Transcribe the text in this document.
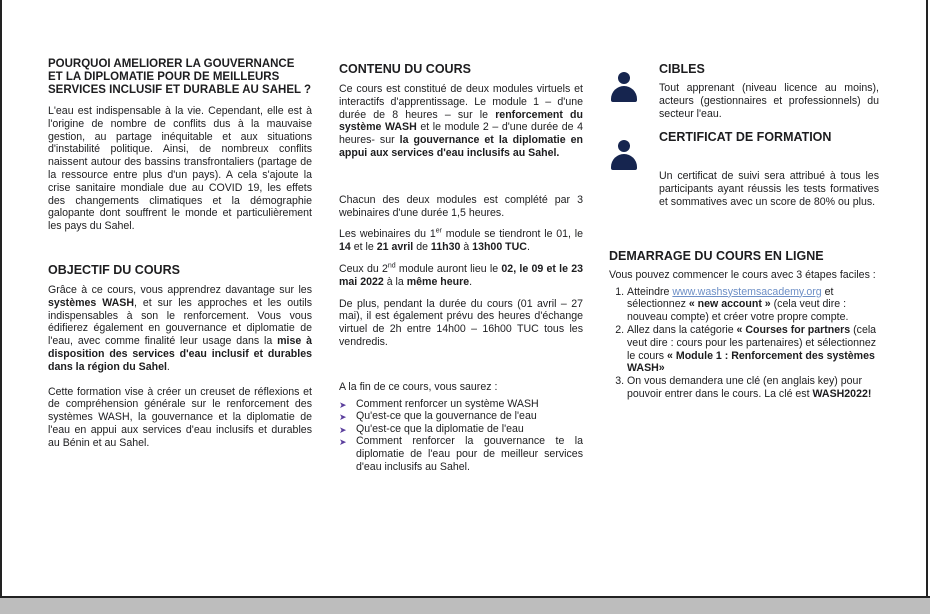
POURQUOI AMELIORER LA GOUVERNANCE ET LA DIPLOMATIE POUR DE MEILLEURS SERVICES INCLUSIF ET DURABLE AU SAHEL ?

L'eau est indispensable à la vie. Cependant, elle est à l'origine de nombre de conflits dus à la mauvaise gestion, au partage inéquitable et aux situations d'instabilité politique. Ainsi, de nombreux conflits naissent autour des bassins transfrontaliers (partage de la ressource entre plus d'un pays). A cela s'ajoute la crise sanitaire mondiale due au COVID 19, les effets des changements climatiques et la démographie galopante dont souffrent le monde et particulièrement les pays du Sahel.

OBJECTIF DU COURS

Grâce à ce cours, vous apprendrez davantage sur les systèmes WASH, et sur les approches et les outils indispensables à son le renforcement. Vous vous édifierez également en gouvernance et diplomatie de l'eau, avec comme finalité leur usage dans la mise à disposition des services d'eau inclusif et durables dans la région du Sahel.

Cette formation vise à créer un creuset de réflexions et de compréhension générale sur le renforcement des systèmes WASH, la gouvernance et la diplomatie de l'eau en appui aux services d'eau inclusifs et durables au Bénin et au Sahel.

CONTENU DU COURS

Ce cours est constitué de deux modules virtuels et interactifs d'apprentissage. Le module 1 – d'une durée de 8 heures – sur le renforcement du système WASH et le module 2 – d'une durée de 4 heures- sur la gouvernance et la diplomatie en appui aux services d'eau inclusifs au Sahel.

Chacun des deux modules est complété par 3 webinaires d'une durée 1,5 heures.

Les webinaires du 1er module se tiendront le 01, le 14 et le 21 avril de 11h30 à 13h00 TUC.

Ceux du 2nd module auront lieu le 02, le 09 et le 23 mai 2022 à la même heure.

De plus, pendant la durée du cours (01 avril – 27 mai), il est également prévu des heures d'échange virtuel de 2h entre 14h00 – 16h00 TUC tous les vendredis.

A la fin de ce cours, vous saurez :

➤ Comment renforcer un système WASH
➤ Qu'est-ce que la gouvernance de l'eau
➤ Qu'est-ce que la diplomatie de l'eau
➤ Comment renforcer la gouvernance te la diplomatie de l'eau pour de meilleur services d'eau inclusifs au Sahel.
CIBLES

Tout apprenant (niveau licence au moins), acteurs (gestionnaires et professionnels) du secteur l'eau.

CERTIFICAT DE FORMATION

Un certificat de suivi sera attribué à tous les participants ayant réussis les tests formatives et sommatives avec un score de 80% ou plus.

DEMARRAGE DU COURS EN LIGNE

Vous pouvez commencer le cours avec 3 étapes faciles :

1. Atteindre www.washsystemsacademy.org et sélectionnez « new account » (cela veut dire : nouveau compte) et créer votre propre compte.
2. Allez dans la catégorie « Courses for partners (cela veut dire : cours pour les partenaires) et sélectionnez le cours « Module 1 : Renforcement des systèmes WASH»
3. On vous demandera une clé (en anglais key) pour pouvoir entrer dans le cours. La clé est WASH2022!
